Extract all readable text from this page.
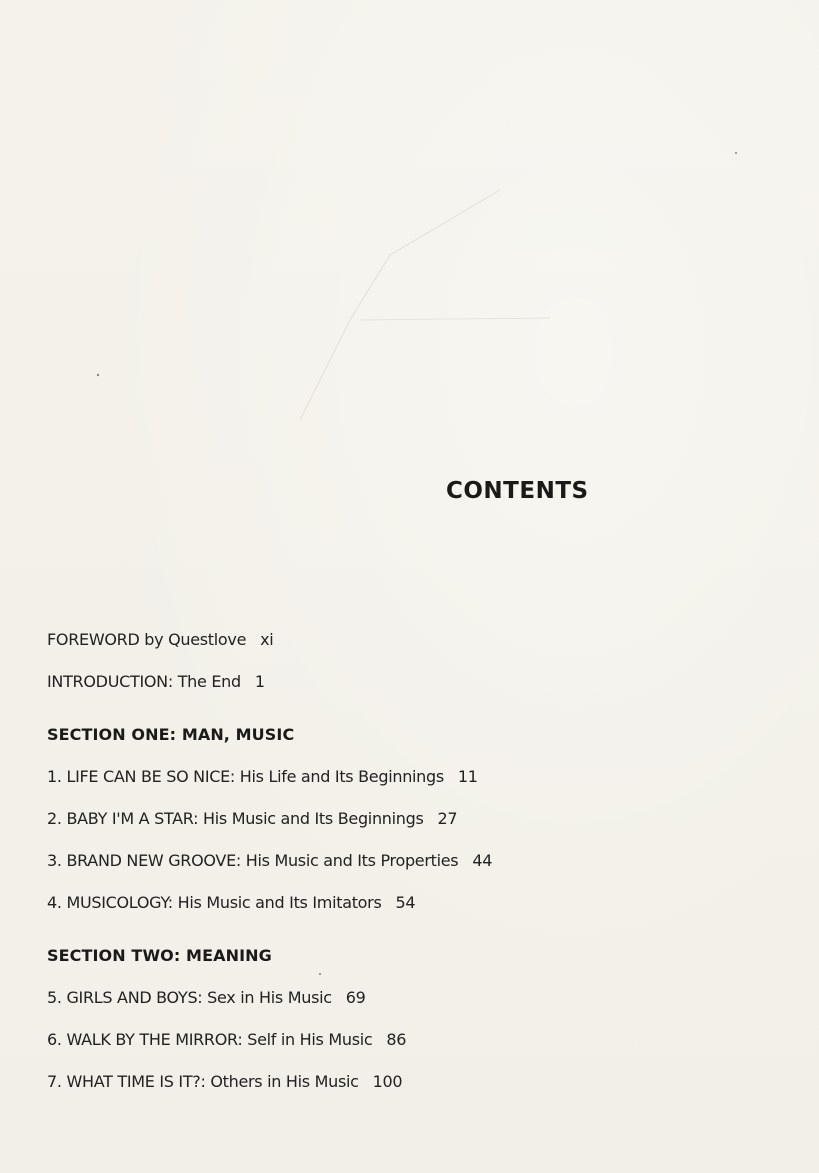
CONTENTS
FOREWORD by Questlove xi
INTRODUCTION: The End 1
SECTION ONE: MAN, MUSIC
1. LIFE CAN BE SO NICE: His Life and Its Beginnings 11
2. BABY I'M A STAR: His Music and Its Beginnings 27
3. BRAND NEW GROOVE: His Music and Its Properties 44
4. MUSICOLOGY: His Music and Its Imitators 54
SECTION TWO: MEANING
5. GIRLS AND BOYS: Sex in His Music 69
6. WALK BY THE MIRROR: Self in His Music 86
7. WHAT TIME IS IT?: Others in His Music 100
